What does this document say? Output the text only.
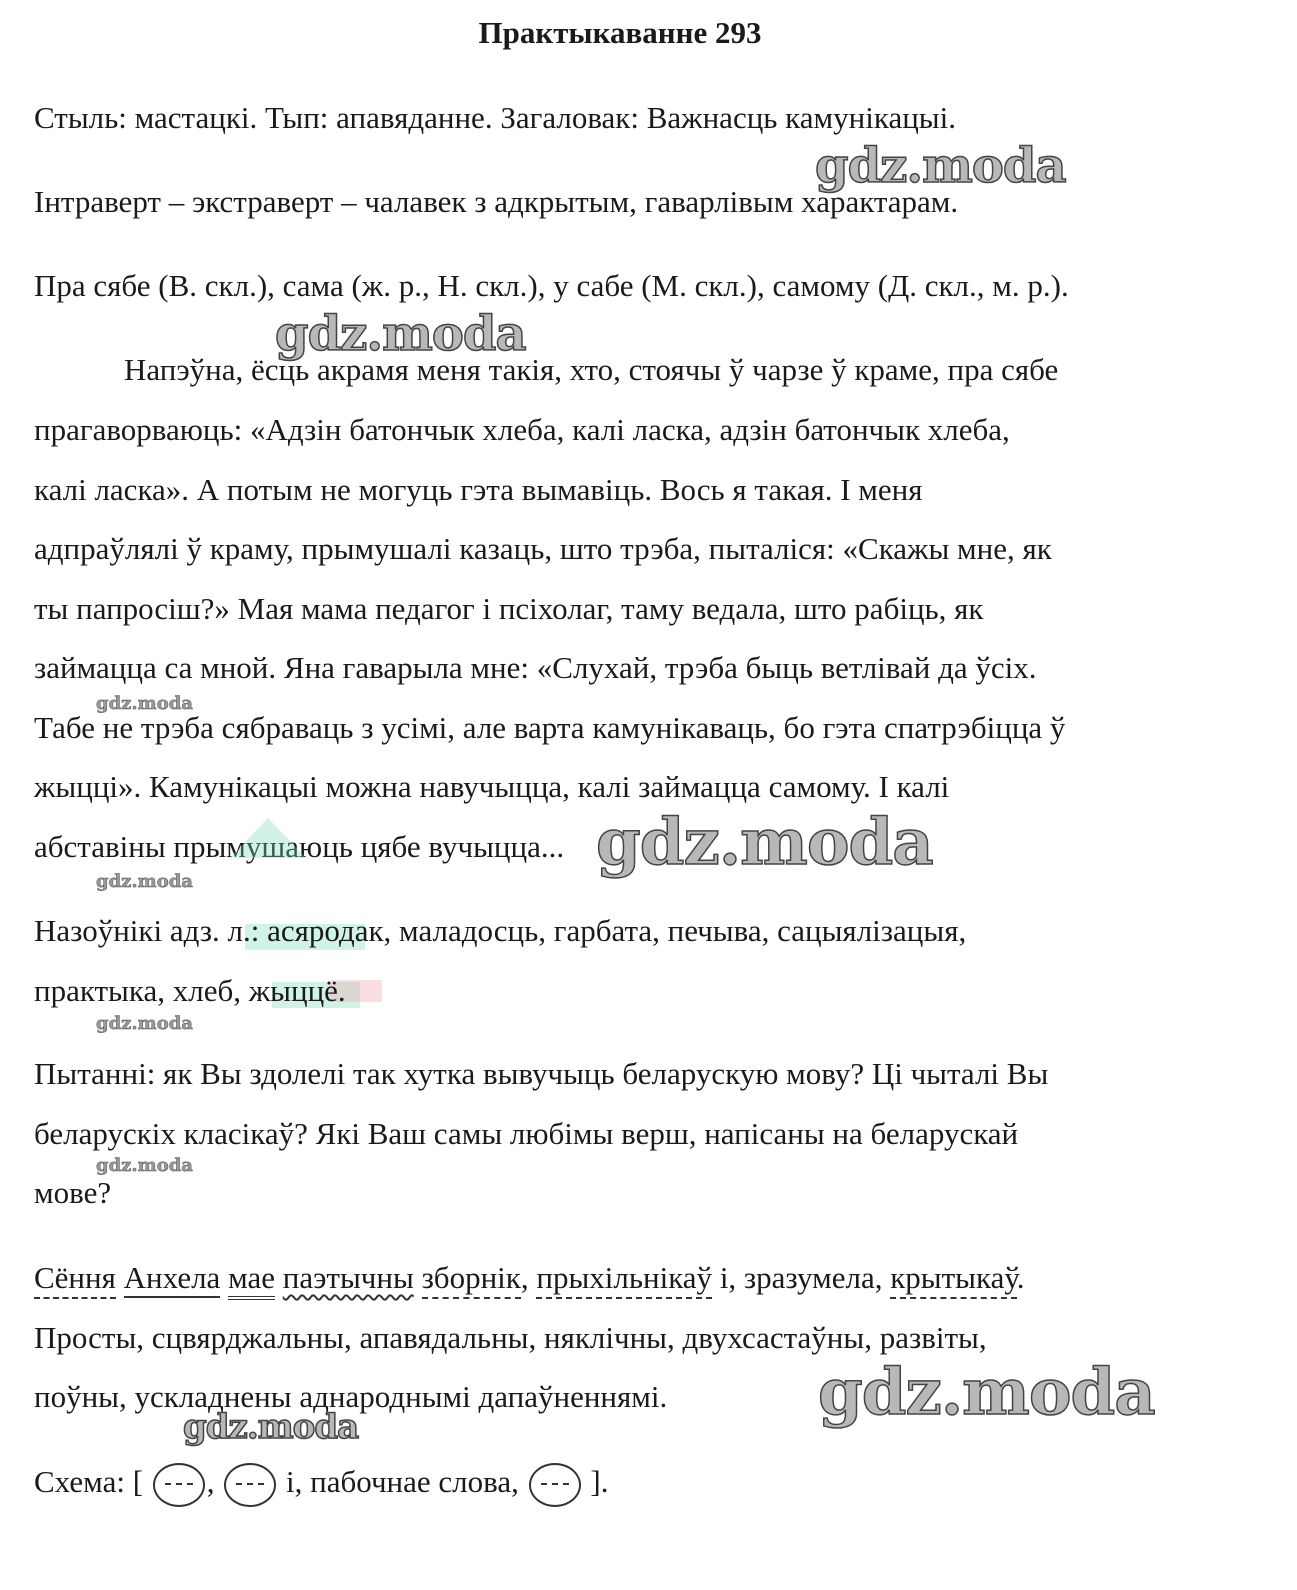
Практыкаванне 293
Стыль: мастацкі. Тып: апавяданне. Загаловак: Важнасць камунікацыі.
Інтраверт – экстраверт – чалавек з адкрытым, гаварлівым характарам.
Пра сябе (В. скл.), сама (ж. р., Н. скл.), у сабе (М. скл.), самому (Д. скл., м. р.).
Напэўна, ёсць акрамя меня такія, хто, стоячы ў чарзе ў краме, пра сябе
прагаворваюць: «Адзін батончык хлеба, калі ласка, адзін батончык хлеба,
калі ласка». А потым не могуць гэта вымавіць. Вось я такая. І меня
адпраўлялі ў краму, прымушалі казаць, што трэба, пыталіся: «Скажы мне, як
ты папросіш?» Мая мама педагог і псіхолаг, таму ведала, што рабіць, як
займацца са мной. Яна гаварыла мне: «Слухай, трэба быць ветлівай да ўсіх.
Табе не трэба сябраваць з усімі, але варта камунікаваць, бо гэта спатрэбіцца ў
жыцці». Камунікацыі можна навучыцца, калі займацца самому. І калі
абставіны прымушаюць цябе вучыцца...
Назоўнікі адз. л.: асяродак, маладосць, гарбата, печыва, сацыялізацыя,
практыка, хлеб, жыццё.
Пытанні: як Вы здолелі так хутка вывучыць беларускую мову? Ці чыталі Вы
беларускіх класікаў? Які Ваш самы любімы верш, напісаны на беларускай
мове?
Сёння Анхела мае паэтычны зборнік, прыхільнікаў і, зразумела, крытыкаў.
Просты, сцвярджальны, апавядальны, няклічны, двухсастаўны, развіты,
поўны, ускладнены аднароднымі дапаўненнямі.
Схема: [ , і, пабочнае слова, ].
gdz.moda
gdz.moda
gdz.moda
gdz.moda
gdz.moda
gdz.moda
gdz.moda
gdz.moda
gdz.moda
